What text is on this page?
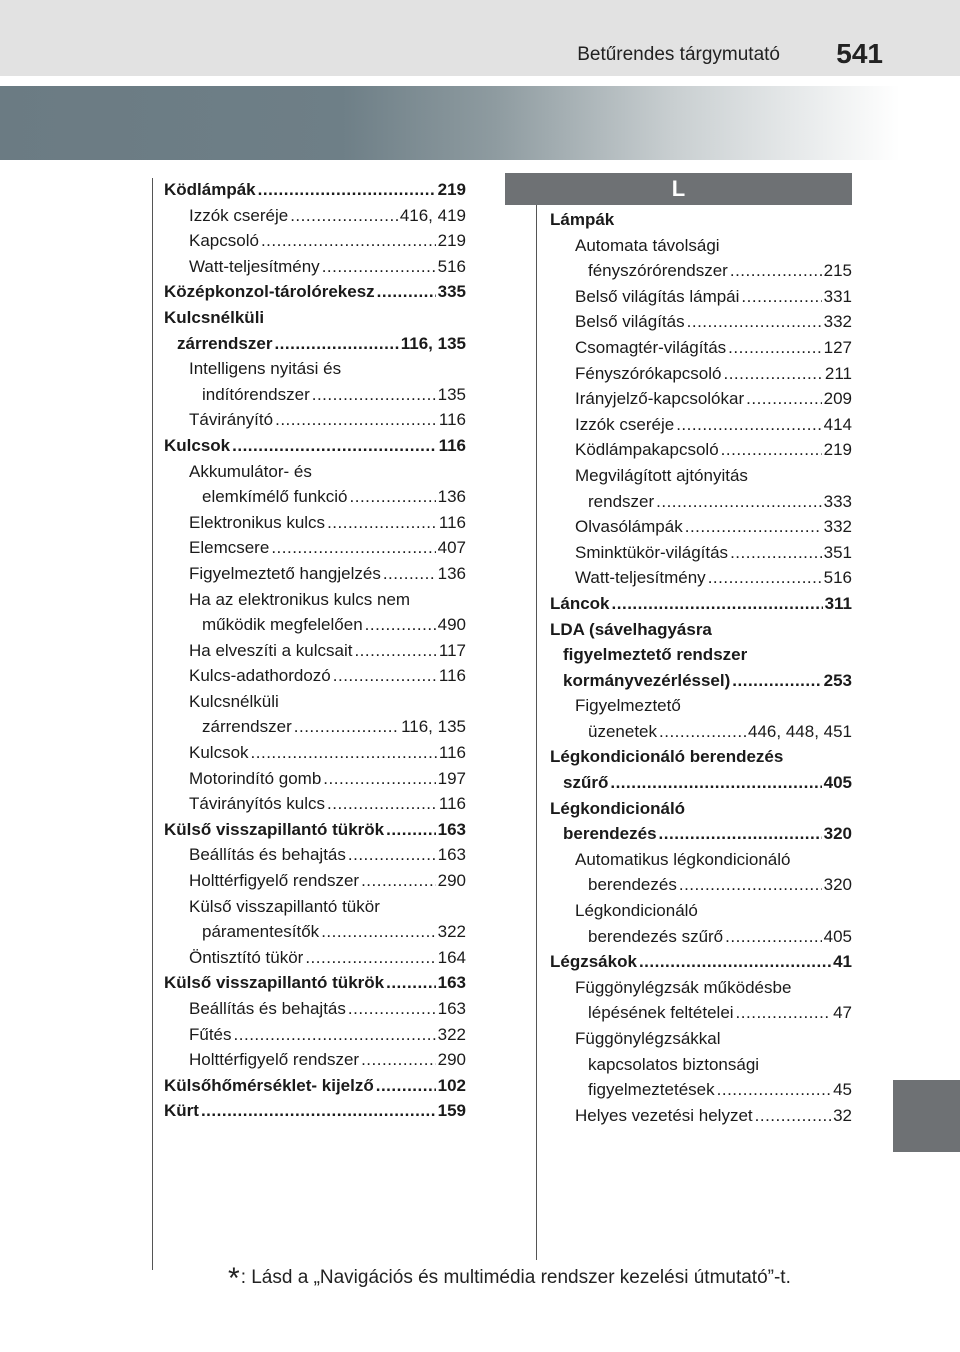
Betűrendes tárgymutató 541
Ködlámpák .....	219
Izzók cseréje .....	416, 419
Kapcsoló .....	219
Watt-teljesítmény .....	516
Középkonzol-tárolórekesz .....	335
Kulcsnélküli
zárrendszer .....	116, 135
Intelligens nyitási és
indítórendszer .....	135
Távirányító .....	116
Kulcsok .....	116
Akkumulátor- és
elemkímélő funkció .....	136
Elektronikus kulcs .....	116
Elemcsere .....	407
Figyelmeztető hangjelzés .....	136
Ha az elektronikus kulcs nem
működik megfelelően .....	490
Ha elveszíti a kulcsait .....	117
Kulcs-adathordozó .....	116
Kulcsnélküli
zárrendszer .....	116, 135
Kulcsok .....	116
Motorindító gomb .....	197
Távirányítós kulcs .....	116
Külső visszapillantó tükrök .....	163
Beállítás és behajtás .....	163
Holttérfigyelő rendszer .....	290
Külső visszapillantó tükör
páramentesítők .....	322
Öntisztító tükör .....	164
Külső visszapillantó tükrök .....	163
Beállítás és behajtás .....	163
Fűtés .....	322
Holttérfigyelő rendszer .....	290
Külsőhőmérséklet- kijelző .....	102
Kürt .....	159
L
Lámpák
Automata távolsági
fényszórórendszer .....	215
Belső világítás lámpái .....	331
Belső világítás .....	332
Csomagtér-világítás .....	127
Fényszórókapcsoló .....	211
Irányjelző-kapcsolókar .....	209
Izzók cseréje .....	414
Ködlámpakapcsoló .....	219
Megvilágított ajtónyitás
rendszer .....	333
Olvasólámpák .....	332
Sminktükör-világítás .....	351
Watt-teljesítmény .....	516
Láncok .....	311
LDA (sávelhagyásra
figyelmeztető rendszer
kormányvezérléssel) .....	253
Figyelmeztető
üzenetek .....	446, 448, 451
Légkondicionáló berendezés
szűrő .....	405
Légkondicionáló
berendezés .....	320
Automatikus légkondicionáló
berendezés .....	320
Légkondicionáló
berendezés szűrő .....	405
Légzsákok .....	41
Függönylégzsák működésbe
lépésének feltételei .....	47
Függönylégzsákkal
kapcsolatos biztonsági
figyelmeztetések .....	45
Helyes vezetési helyzet .....	32
*: Lásd a „Navigációs és multimédia rendszer kezelési útmutató”-t.
